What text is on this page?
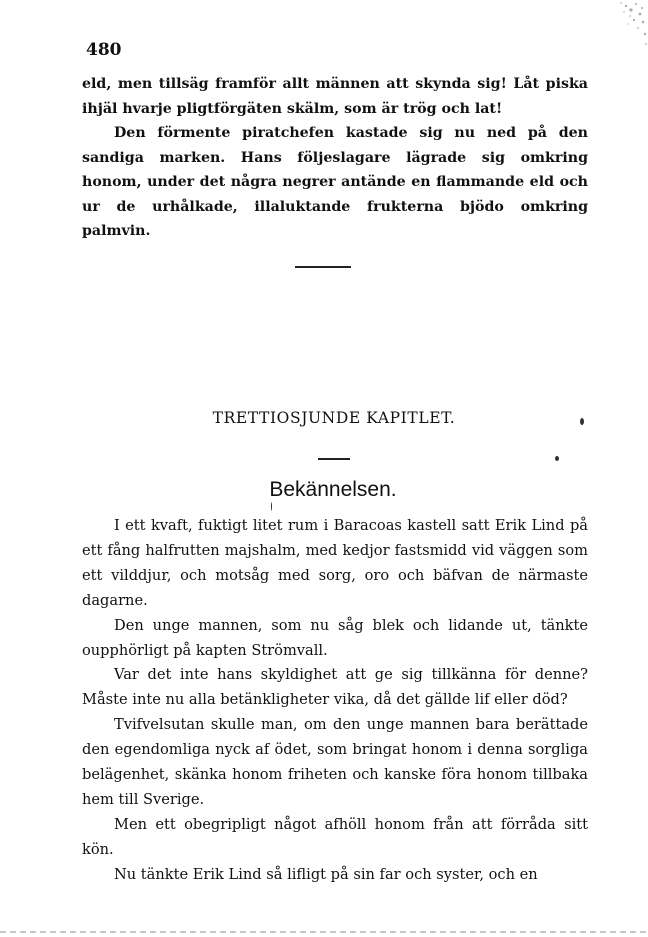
480

eld, men tillsäg framför allt männen att skynda sig! Låt piska ihjäl hvarje pligtförgäten skälm, som är trög och lat!

Den förmente piratchefen kastade sig nu ned på den sandiga marken. Hans följeslagare lägrade sig omkring honom, under det några negrer antände en flammande eld och ur de urhålkade, illaluktande frukterna bjödo omkring palmvin.

TRETTIOSJUNDE KAPITLET.
Bekännelsen.

I ett kvaft, fuktigt litet rum i Baracoas kastell satt Erik Lind på ett fång halfrutten majshalm, med kedjor fastsmidd vid väggen som ett vilddjur, och motsåg med sorg, oro och bäfvan de närmaste dagarne.

Den unge mannen, som nu såg blek och lidande ut, tänkte oupphörligt på kapten Strömvall.

Var det inte hans skyldighet att ge sig tillkänna för denne? Måste inte nu alla betänkligheter vika, då det gällde lif eller död?

Tvifvelsutan skulle man, om den unge mannen bara berättade den egendomliga nyck af ödet, som bringat honom i denna sorgliga belägenhet, skänka honom friheten och kanske föra honom tillbaka hem till Sverige.

Men ett obegripligt något afhöll honom från att förråda sitt kön.

Nu tänkte Erik Lind så lifligt på sin far och syster, och en
